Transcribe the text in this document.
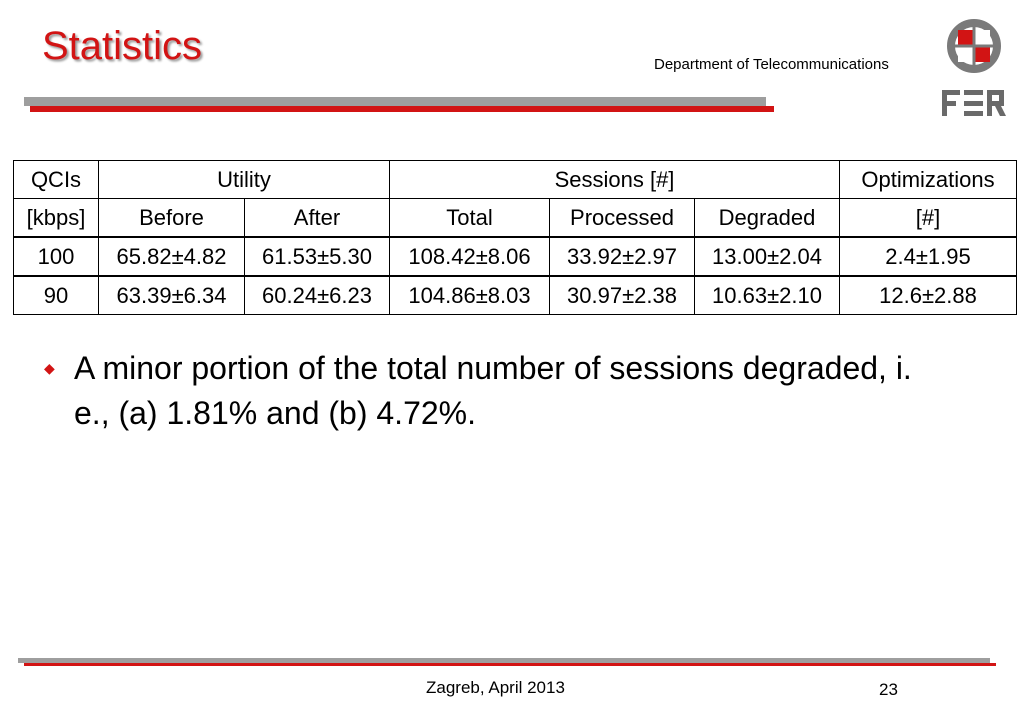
Statistics	Department of Telecommunications
QCIs	Utility		Sessions [#]			Optimizations
[kbps]	Before	After	Total	Processed	Degraded	[#]
100	65.82±4.82	61.53±5.30	108.42±8.06	33.92±2.97	13.00±2.04	2.4±1.95
90	63.39±6.34	60.24±6.23	104.86±8.03	30.97±2.38	10.63±2.10	12.6±2.88
◆ A minor portion of the total number of sessions degraded, i. e., (a) 1.81% and (b) 4.72%.
Zagreb, April 2013	23
